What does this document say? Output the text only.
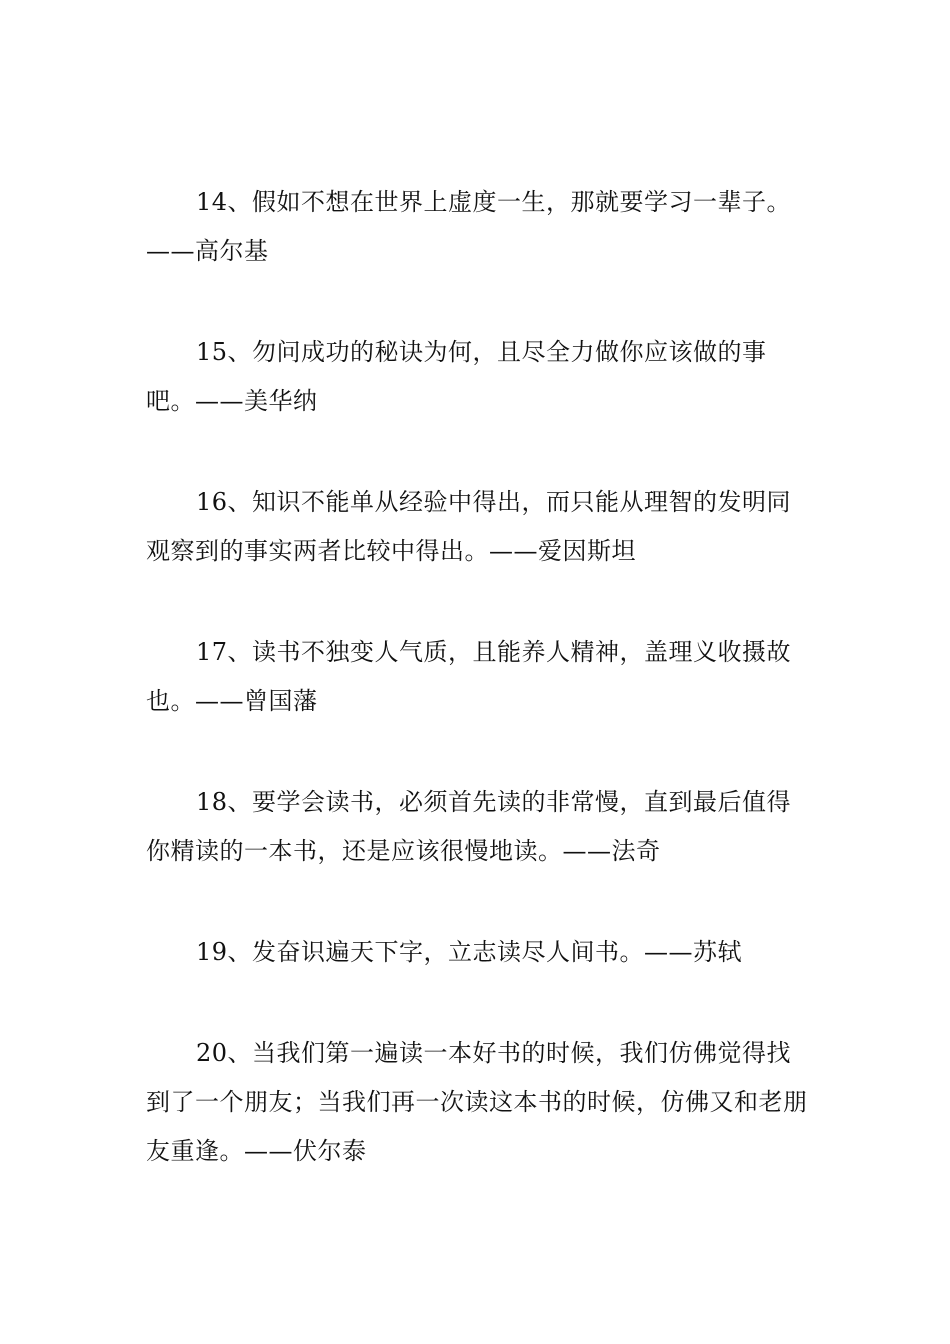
14、假如不想在世界上虚度一生，那就要学习一辈子。——高尔基

15、勿问成功的秘诀为何，且尽全力做你应该做的事吧。——美华纳

16、知识不能单从经验中得出，而只能从理智的发明同观察到的事实两者比较中得出。——爱因斯坦

17、读书不独变人气质，且能养人精神，盖理义收摄故也。——曾国藩

18、要学会读书，必须首先读的非常慢，直到最后值得你精读的一本书，还是应该很慢地读。——法奇

19、发奋识遍天下字，立志读尽人间书。——苏轼

20、当我们第一遍读一本好书的时候，我们仿佛觉得找到了一个朋友；当我们再一次读这本书的时候，仿佛又和老朋友重逢。——伏尔泰
